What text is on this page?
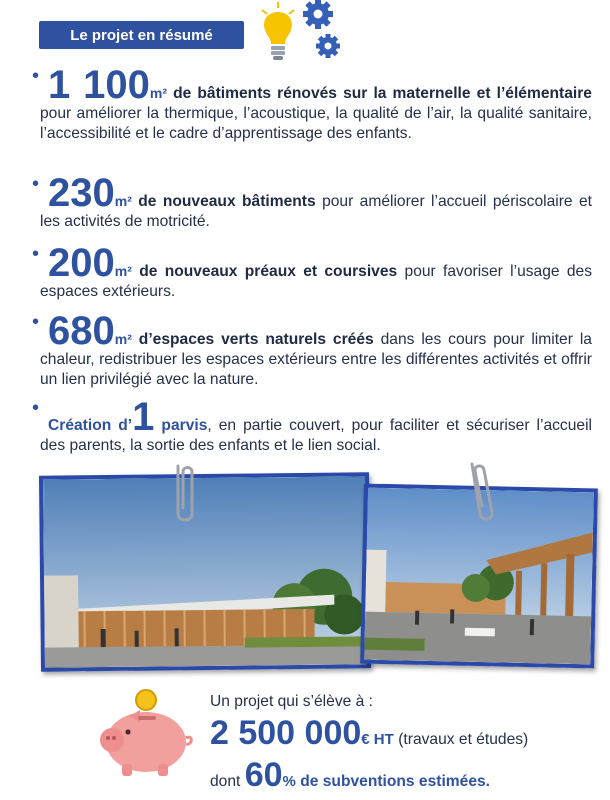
Le projet en résumé
• 1 100m² de bâtiments rénovés sur la maternelle et l’élémentaire pour améliorer la thermique, l’acoustique, la qualité de l’air, la qualité sanitaire, l’accessibilité et le cadre d’apprentissage des enfants.
• 230m² de nouveaux bâtiments pour améliorer l’accueil périscolaire et les activités de motricité.
• 200m² de nouveaux préaux et coursives pour favoriser l’usage des espaces extérieurs.
• 680m² d’espaces verts naturels créés dans les cours pour limiter la chaleur, redistribuer les espaces extérieurs entre les différentes activités et offrir un lien privilégié avec la nature.
•
Création d’1 parvis, en partie couvert, pour faciliter et sécuriser l’accueil des parents, la sortie des enfants et le lien social.
Un projet qui s’élève à :
2 500 000€ HT (travaux et études)
dont 60% de subventions estimées.
